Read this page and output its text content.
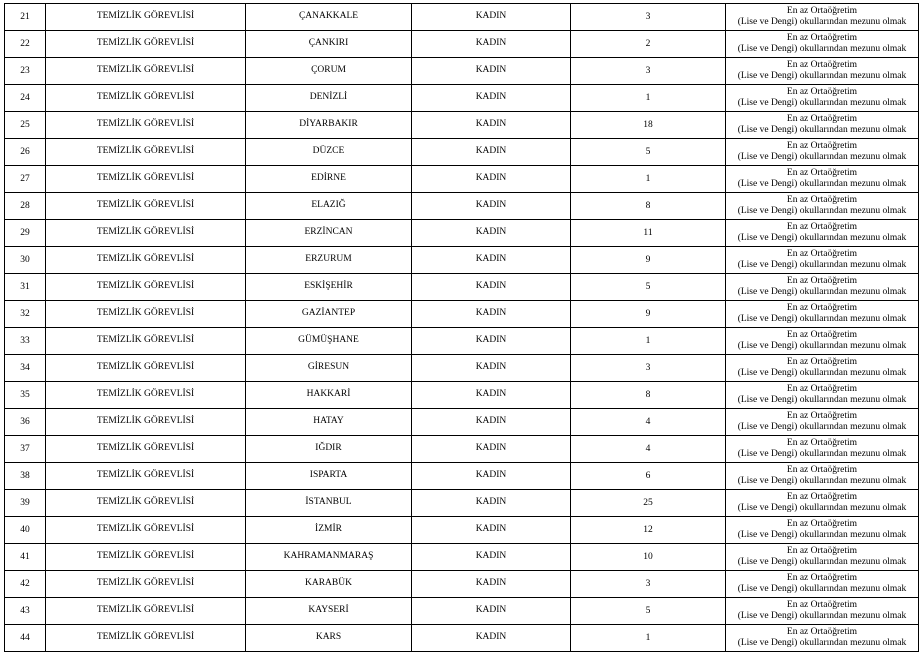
21	TEMİZLİK GÖREVLİSİ	ÇANAKKALE	KADIN	3	En az Ortaöğretim
(Lise ve Dengi) okullarından mezunu olmak

22	TEMİZLİK GÖREVLİSİ	ÇANKIRI	KADIN	2	En az Ortaöğretim
(Lise ve Dengi) okullarından mezunu olmak

23	TEMİZLİK GÖREVLİSİ	ÇORUM	KADIN	3	En az Ortaöğretim
(Lise ve Dengi) okullarından mezunu olmak

24	TEMİZLİK GÖREVLİSİ	DENİZLİ	KADIN	1	En az Ortaöğretim
(Lise ve Dengi) okullarından mezunu olmak

25	TEMİZLİK GÖREVLİSİ	DİYARBAKIR	KADIN	18	En az Ortaöğretim
(Lise ve Dengi) okullarından mezunu olmak

26	TEMİZLİK GÖREVLİSİ	DÜZCE	KADIN	5	En az Ortaöğretim
(Lise ve Dengi) okullarından mezunu olmak

27	TEMİZLİK GÖREVLİSİ	EDİRNE	KADIN	1	En az Ortaöğretim
(Lise ve Dengi) okullarından mezunu olmak

28	TEMİZLİK GÖREVLİSİ	ELAZIĞ	KADIN	8	En az Ortaöğretim
(Lise ve Dengi) okullarından mezunu olmak

29	TEMİZLİK GÖREVLİSİ	ERZİNCAN	KADIN	11	En az Ortaöğretim
(Lise ve Dengi) okullarından mezunu olmak

30	TEMİZLİK GÖREVLİSİ	ERZURUM	KADIN	9	En az Ortaöğretim
(Lise ve Dengi) okullarından mezunu olmak

31	TEMİZLİK GÖREVLİSİ	ESKİŞEHİR	KADIN	5	En az Ortaöğretim
(Lise ve Dengi) okullarından mezunu olmak

32	TEMİZLİK GÖREVLİSİ	GAZİANTEP	KADIN	9	En az Ortaöğretim
(Lise ve Dengi) okullarından mezunu olmak

33	TEMİZLİK GÖREVLİSİ	GÜMÜŞHANE	KADIN	1	En az Ortaöğretim
(Lise ve Dengi) okullarından mezunu olmak

34	TEMİZLİK GÖREVLİSİ	GİRESUN	KADIN	3	En az Ortaöğretim
(Lise ve Dengi) okullarından mezunu olmak

35	TEMİZLİK GÖREVLİSİ	HAKKARİ	KADIN	8	En az Ortaöğretim
(Lise ve Dengi) okullarından mezunu olmak

36	TEMİZLİK GÖREVLİSİ	HATAY	KADIN	4	En az Ortaöğretim
(Lise ve Dengi) okullarından mezunu olmak

37	TEMİZLİK GÖREVLİSİ	IĞDIR	KADIN	4	En az Ortaöğretim
(Lise ve Dengi) okullarından mezunu olmak

38	TEMİZLİK GÖREVLİSİ	ISPARTA	KADIN	6	En az Ortaöğretim
(Lise ve Dengi) okullarından mezunu olmak

39	TEMİZLİK GÖREVLİSİ	İSTANBUL	KADIN	25	En az Ortaöğretim
(Lise ve Dengi) okullarından mezunu olmak

40	TEMİZLİK GÖREVLİSİ	İZMİR	KADIN	12	En az Ortaöğretim
(Lise ve Dengi) okullarından mezunu olmak

41	TEMİZLİK GÖREVLİSİ	KAHRAMANMARAŞ	KADIN	10	En az Ortaöğretim
(Lise ve Dengi) okullarından mezunu olmak

42	TEMİZLİK GÖREVLİSİ	KARABÜK	KADIN	3	En az Ortaöğretim
(Lise ve Dengi) okullarından mezunu olmak

43	TEMİZLİK GÖREVLİSİ	KAYSERİ	KADIN	5	En az Ortaöğretim
(Lise ve Dengi) okullarından mezunu olmak

44	TEMİZLİK GÖREVLİSİ	KARS	KADIN	1	En az Ortaöğretim
(Lise ve Dengi) okullarından mezunu olmak
